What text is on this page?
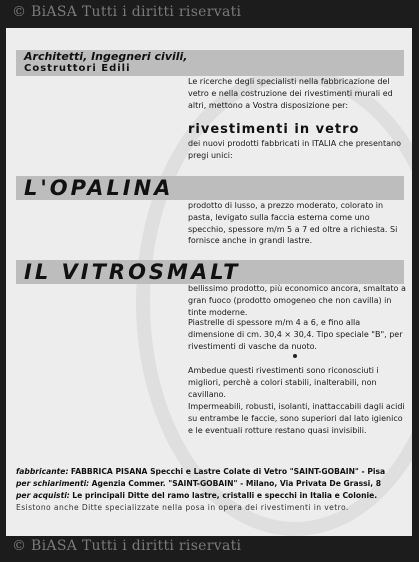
© BiASA Tutti i diritti riservati
Architetti, Ingegneri civili,
Costruttori Edili

Le ricerche degli specialisti nella fabbricazione del vetro e nella costruzione dei rivestimenti murali ed altri, mettono a Vostra disposizione per:

rivestimenti in vetro

dei nuovi prodotti fabbricati in ITALIA che presentano pregi unici:

L'OPALINA

prodotto di lusso, a prezzo moderato, colorato in pasta, levigato sulla faccia esterna come uno specchio, spessore m/m 5 a 7 ed oltre a richiesta. Si fornisce anche in grandi lastre.

IL VITROSMALT

bellissimo prodotto, più economico ancora, smaltato a gran fuoco (prodotto omogeneo che non cavilla) in tinte moderne.

Piastrelle di spessore m/m 4 a 6, e fino alla dimensione di cm. 30,4 × 30,4. Tipo speciale "B", per rivestimenti di vasche da nuoto.

Ambedue questi rivestimenti sono riconosciuti i migliori, perchè a colori stabili, inalterabili, non cavillano.

Impermeabili, robusti, isolanti, inattaccabili dagli acidi su entrambe le faccie, sono superiori dal lato igienico e le eventuali rotture restano quasi invisibili.

fabbricante: FABBRICA PISANA Specchi e Lastre Colate di Vetro "SAINT-GOBAIN" - Pisa
per schiarimenti: Agenzia Commer. "SAINT-GOBAIN" - Milano, Via Privata De Grassi, 8
per acquisti: Le principali Ditte del ramo lastre, cristalli e specchi in Italia e Colonie.
Esistono anche Ditte specializzate nella posa in opera dei rivestimenti in vetro.
© BiASA Tutti i diritti riservati
